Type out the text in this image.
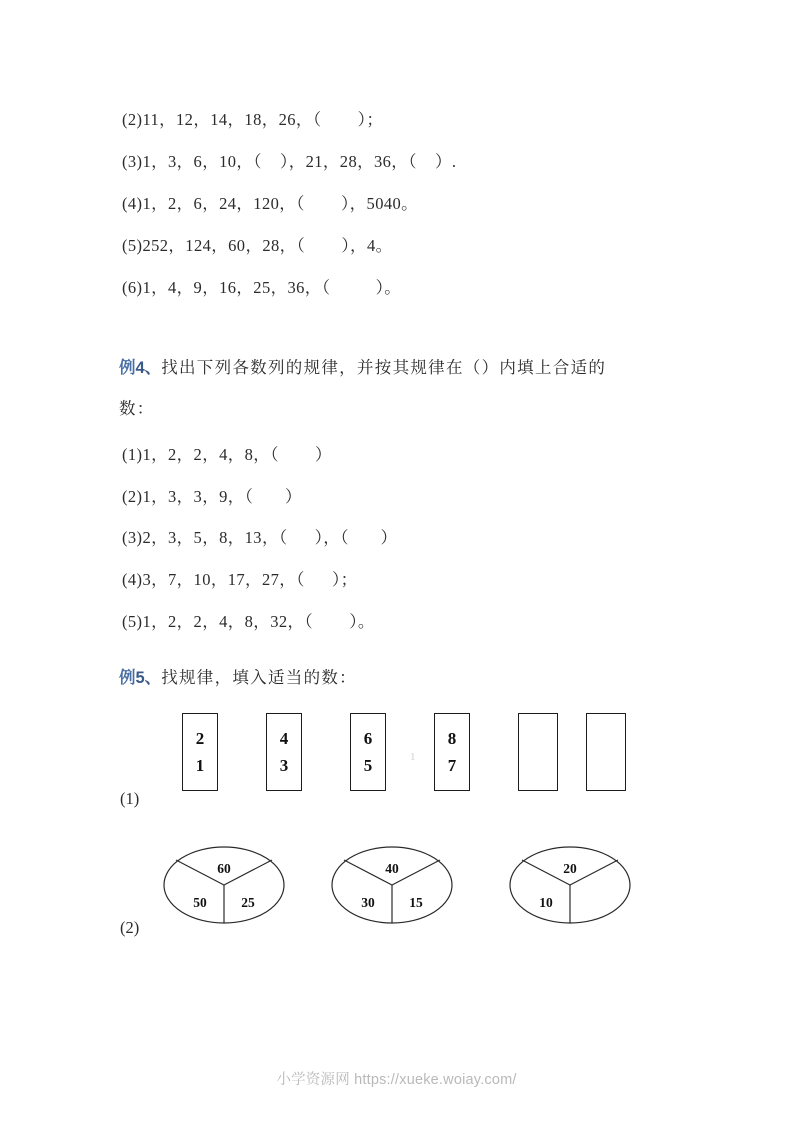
(2)11，12，14，18，26，（        ）；
(3)1，3，6，10，（    ），21，28，36，（    ）.
(4)1，2，6，24，120，（        ），5040。
(5)252，124，60，28，（        ），4。
(6)1，4，9，16，25，36，（          ）。
例4、找出下列各数列的规律，并按其规律在（）内填上合适的
数：
(1)1，2，2，4，8，（        ）
(2)1，3，3，9，（       ）
(3)2，3，5，8，13，（      ），（       ）
(4)3，7，10，17，27，（      ）；
(5)1，2，2，4，8，32，（        ）。
例5、找规律，填入适当的数：
2
1
4
3
6
5	1
8
7
(1)
60
50	25
40
30	15
20
10
(2)
小学资源网 https://xueke.woiay.com/
